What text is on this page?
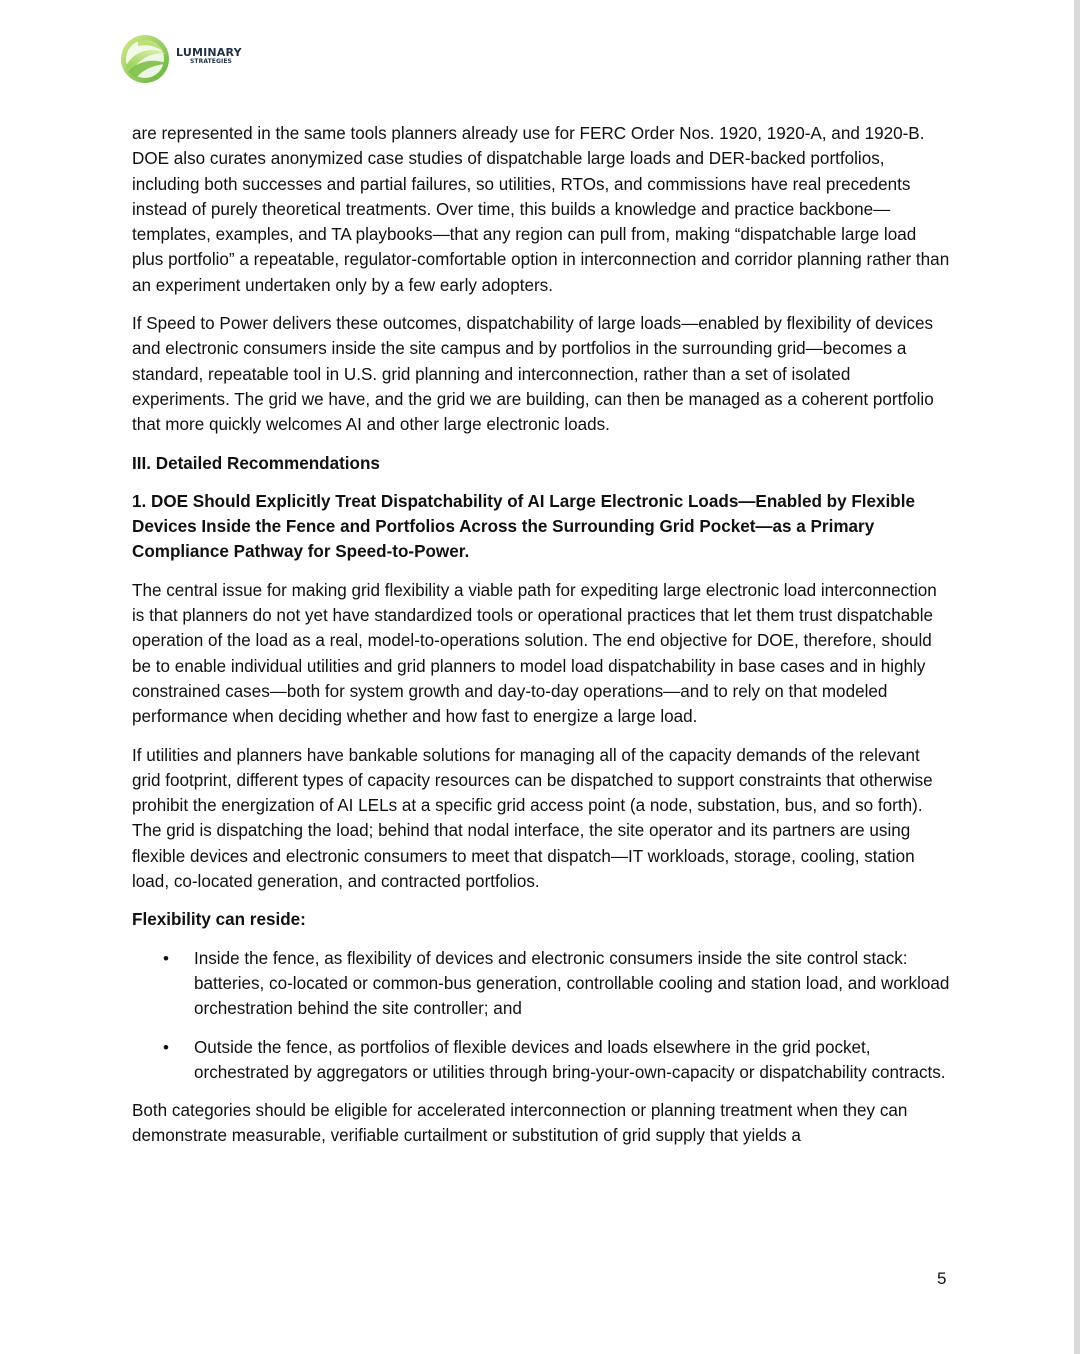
LUMINARY
STRATEGIES

are represented in the same tools planners already use for FERC Order Nos. 1920, 1920-A, and 1920-B. DOE also curates anonymized case studies of dispatchable large loads and DER-backed portfolios, including both successes and partial failures, so utilities, RTOs, and commissions have real precedents instead of purely theoretical treatments. Over time, this builds a knowledge and practice backbone—templates, examples, and TA playbooks—that any region can pull from, making “dispatchable large load plus portfolio” a repeatable, regulator-comfortable option in interconnection and corridor planning rather than an experiment undertaken only by a few early adopters.

If Speed to Power delivers these outcomes, dispatchability of large loads—enabled by flexibility of devices and electronic consumers inside the site campus and by portfolios in the surrounding grid—becomes a standard, repeatable tool in U.S. grid planning and interconnection, rather than a set of isolated experiments. The grid we have, and the grid we are building, can then be managed as a coherent portfolio that more quickly welcomes AI and other large electronic loads.

III. Detailed Recommendations

1. DOE Should Explicitly Treat Dispatchability of AI Large Electronic Loads—Enabled by Flexible Devices Inside the Fence and Portfolios Across the Surrounding Grid Pocket—as a Primary Compliance Pathway for Speed-to-Power.

The central issue for making grid flexibility a viable path for expediting large electronic load interconnection is that planners do not yet have standardized tools or operational practices that let them trust dispatchable operation of the load as a real, model-to-operations solution. The end objective for DOE, therefore, should be to enable individual utilities and grid planners to model load dispatchability in base cases and in highly constrained cases—both for system growth and day-to-day operations—and to rely on that modeled performance when deciding whether and how fast to energize a large load.

If utilities and planners have bankable solutions for managing all of the capacity demands of the relevant grid footprint, different types of capacity resources can be dispatched to support constraints that otherwise prohibit the energization of AI LELs at a specific grid access point (a node, substation, bus, and so forth). The grid is dispatching the load; behind that nodal interface, the site operator and its partners are using flexible devices and electronic consumers to meet that dispatch—IT workloads, storage, cooling, station load, co-located generation, and contracted portfolios.

Flexibility can reside:

• Inside the fence, as flexibility of devices and electronic consumers inside the site control stack: batteries, co-located or common-bus generation, controllable cooling and station load, and workload orchestration behind the site controller; and
• Outside the fence, as portfolios of flexible devices and loads elsewhere in the grid pocket, orchestrated by aggregators or utilities through bring-your-own-capacity or dispatchability contracts.

Both categories should be eligible for accelerated interconnection or planning treatment when they can demonstrate measurable, verifiable curtailment or substitution of grid supply that yields a

5
